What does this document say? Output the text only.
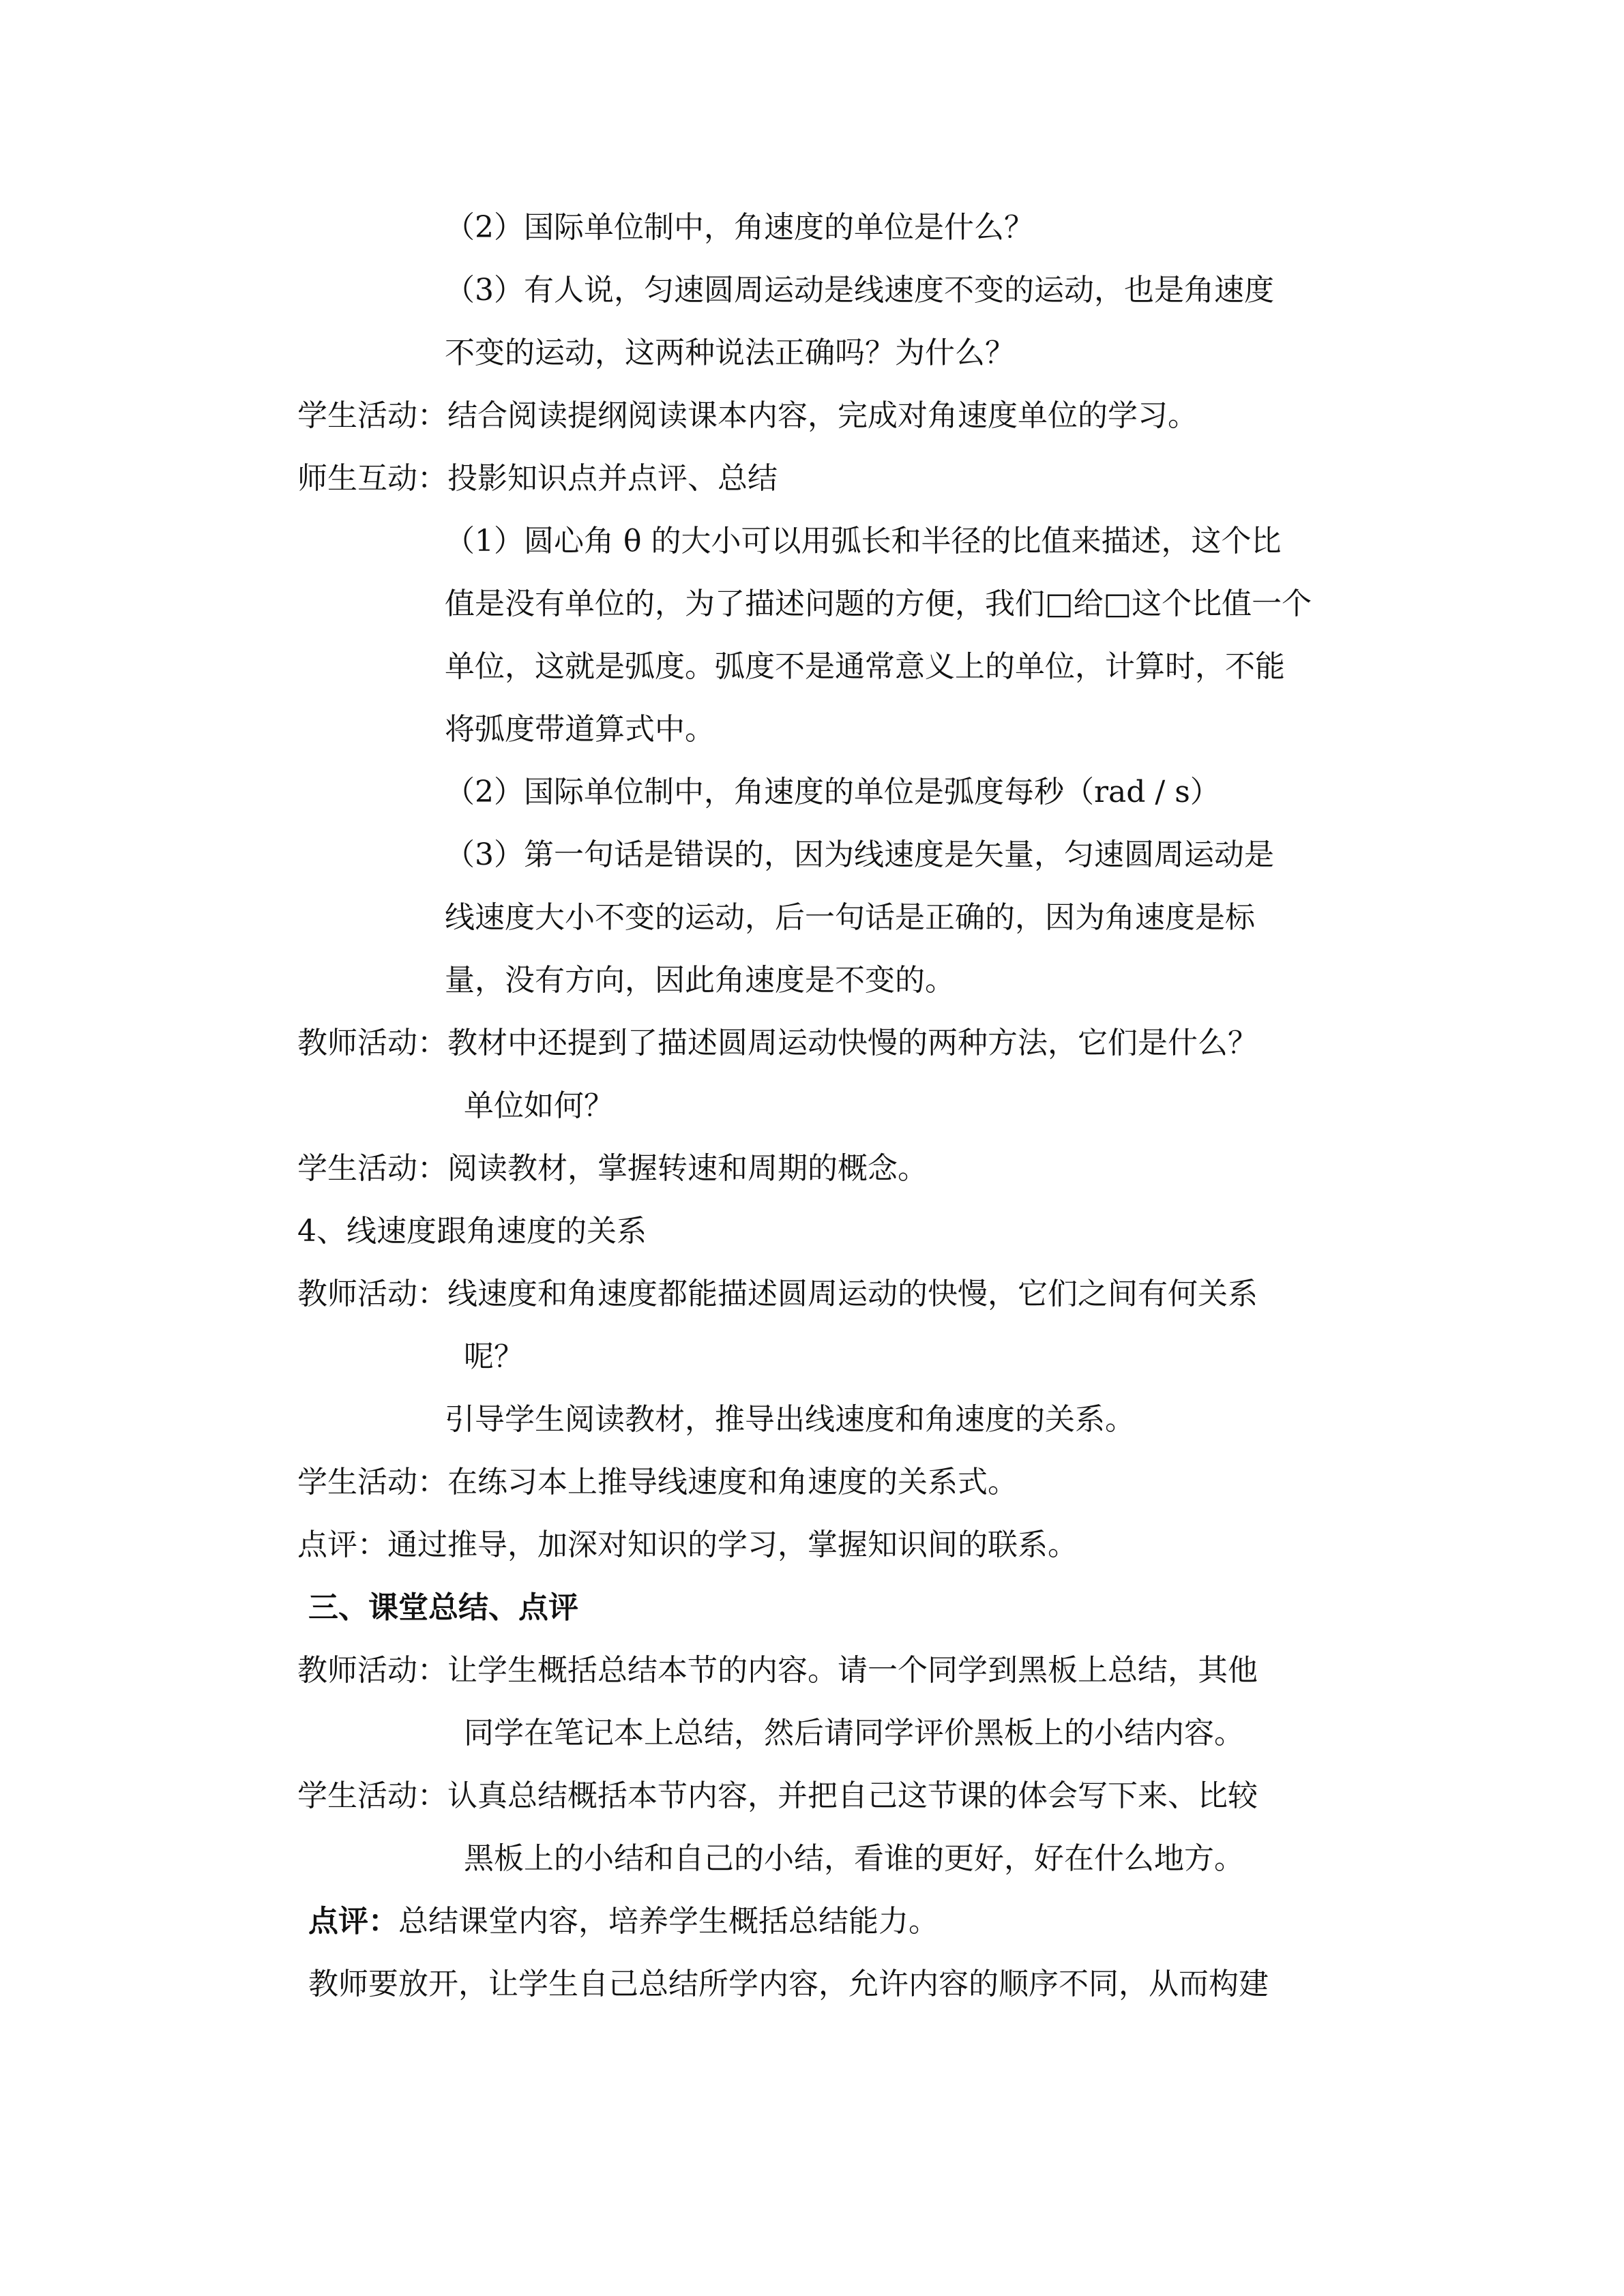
（2）国际单位制中，角速度的单位是什么？
（3）有人说，匀速圆周运动是线速度不变的运动，也是角速度
不变的运动，这两种说法正确吗？为什么？
学生活动：结合阅读提纲阅读课本内容，完成对角速度单位的学习。
师生互动：投影知识点并点评、总结
（1）圆心角 θ 的大小可以用弧长和半径的比值来描述，这个比
值是没有单位的，为了描述问题的方便，我们□给□这个比值一个
单位，这就是弧度。弧度不是通常意义上的单位，计算时，不能
将弧度带道算式中。
（2）国际单位制中，角速度的单位是弧度每秒（rad / s）
（3）第一句话是错误的，因为线速度是矢量，匀速圆周运动是
线速度大小不变的运动，后一句话是正确的，因为角速度是标
量，没有方向，因此角速度是不变的。
教师活动：教材中还提到了描述圆周运动快慢的两种方法，它们是什么？
单位如何？
学生活动：阅读教材，掌握转速和周期的概念。
4、线速度跟角速度的关系
教师活动：线速度和角速度都能描述圆周运动的快慢，它们之间有何关系
呢？
引导学生阅读教材，推导出线速度和角速度的关系。
学生活动：在练习本上推导线速度和角速度的关系式。
点评：通过推导，加深对知识的学习，掌握知识间的联系。
三、课堂总结、点评
教师活动：让学生概括总结本节的内容。请一个同学到黑板上总结，其他
同学在笔记本上总结，然后请同学评价黑板上的小结内容。
学生活动：认真总结概括本节内容，并把自己这节课的体会写下来、比较
黑板上的小结和自己的小结，看谁的更好，好在什么地方。
点评：总结课堂内容，培养学生概括总结能力。
教师要放开，让学生自己总结所学内容，允许内容的顺序不同，从而构建
